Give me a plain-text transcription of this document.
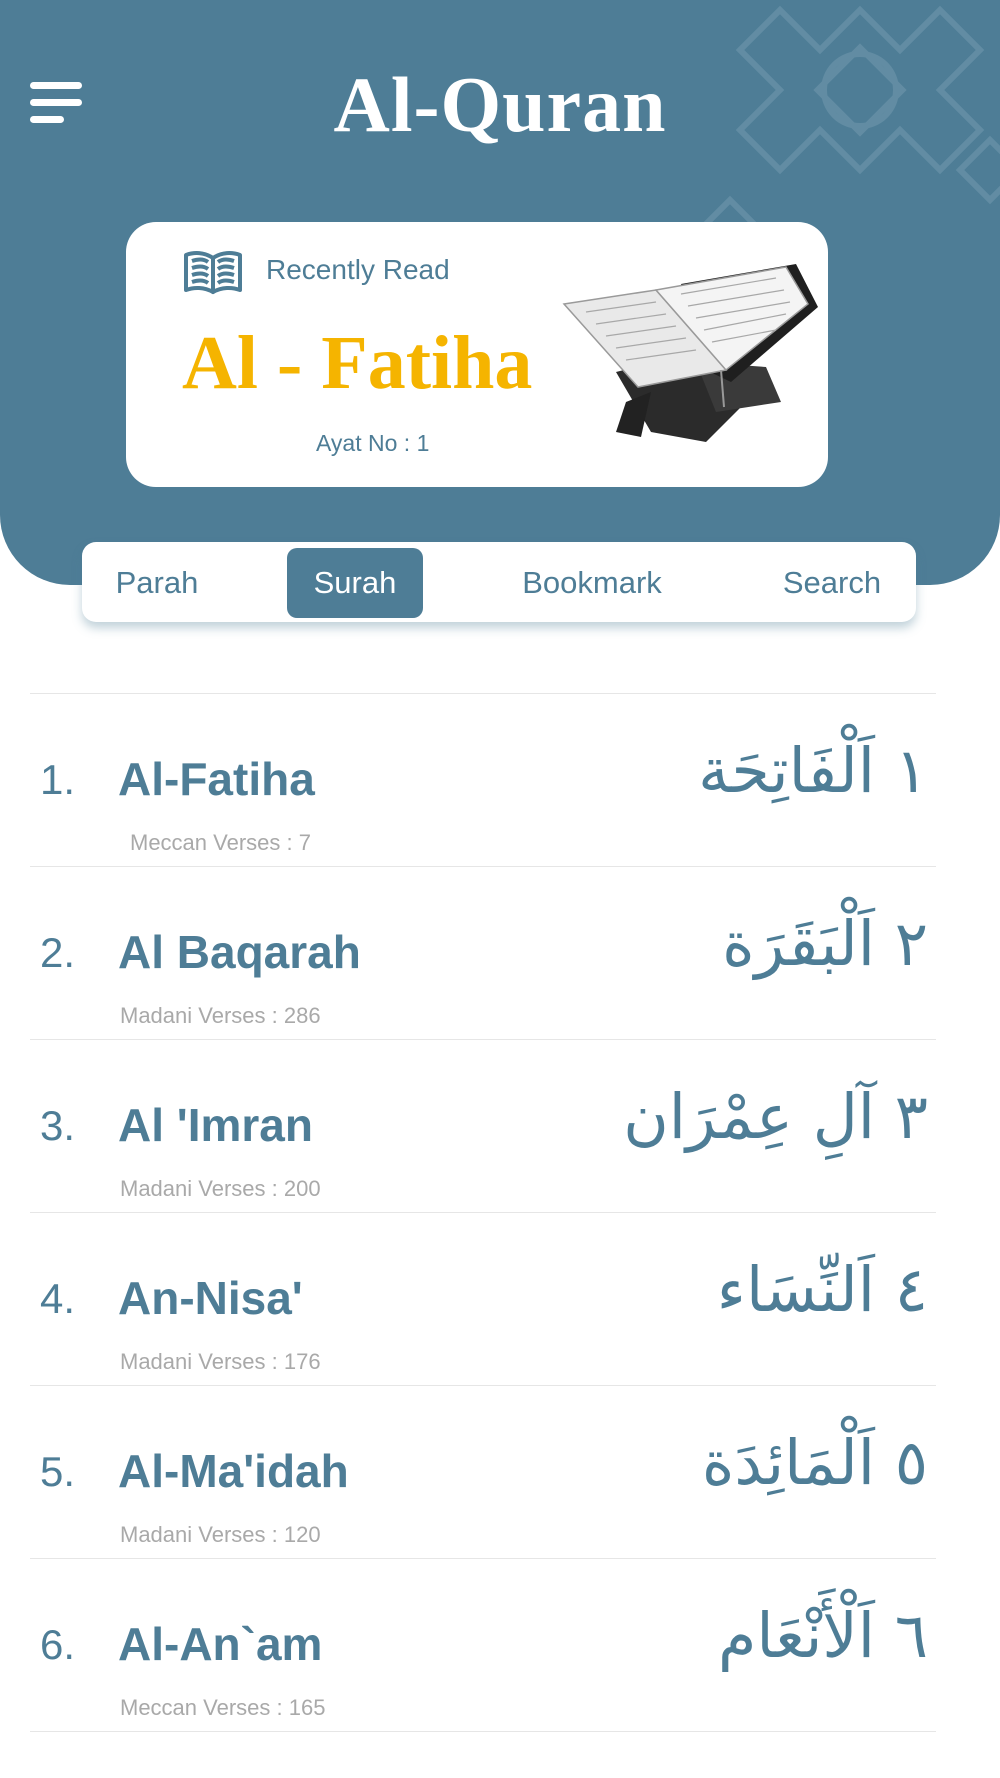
Al-Quran
Recently Read
Al - Fatiha
Ayat No : 1
Parah	Surah	Bookmark	Search
1. Al-Fatiha
Meccan Verses : 7
١ اَلْفَاتِحَة
2. Al Baqarah
Madani Verses : 286
٢ اَلْبَقَرَة
3. Al 'Imran
Madani Verses : 200
٣ آلِ عِمْرَان
4. An-Nisa'
Madani Verses : 176
٤ اَلنِّسَاء
5. Al-Ma'idah
Madani Verses : 120
٥ اَلْمَائِدَة
6. Al-An`am
Meccan Verses : 165
٦ اَلْأَنْعَام
